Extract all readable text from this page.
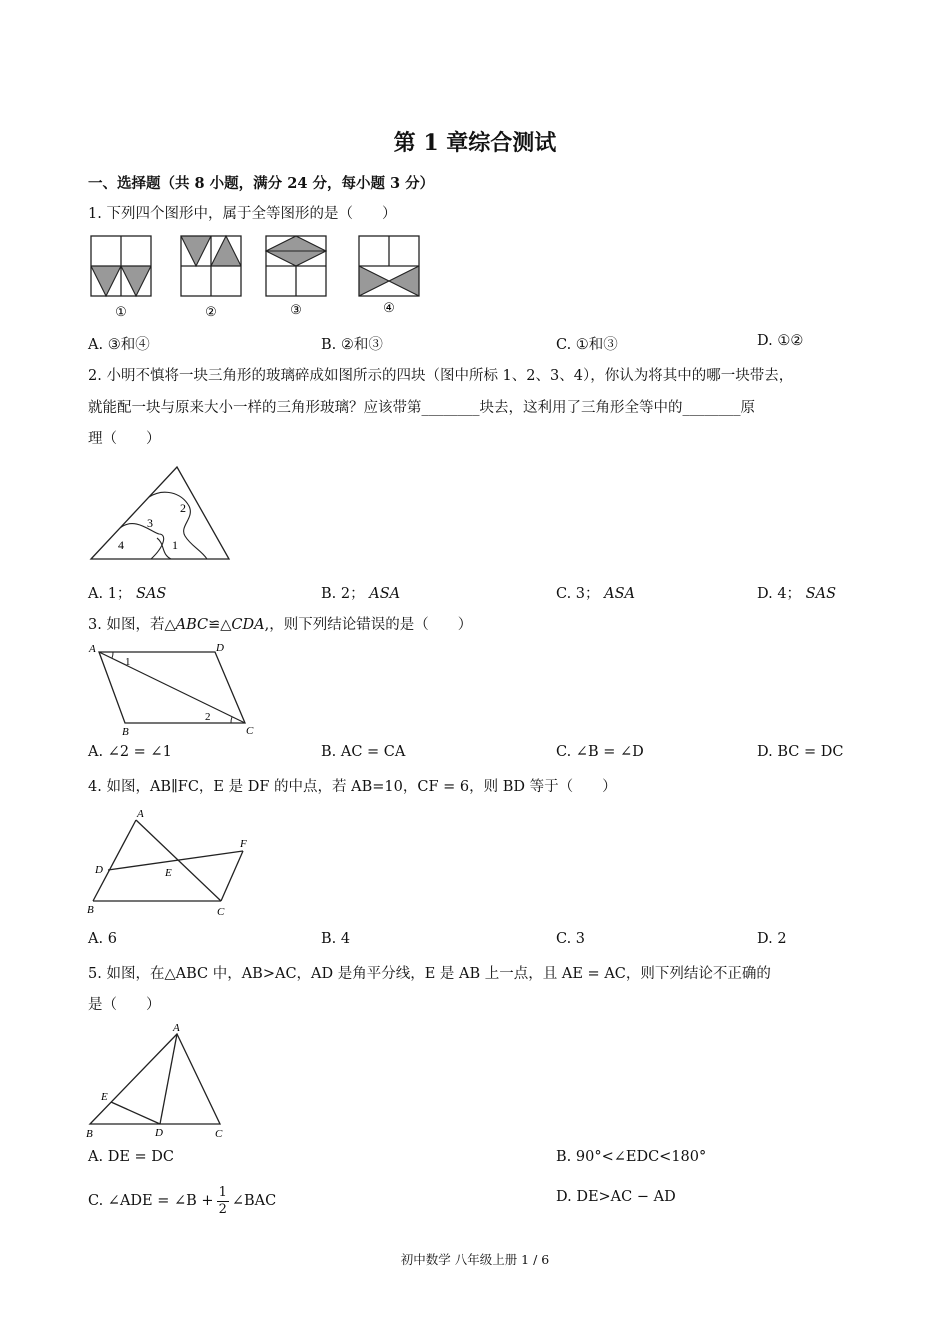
第 1 章综合测试
一、选择题（共 8 小题，满分 24 分，每小题 3 分）
1. 下列四个图形中，属于全等图形的是（　　）
①	②	③	④
A. ③和④	B. ②和③	C. ①和③	D. ①②
2. 小明不慎将一块三角形的玻璃碎成如图所示的四块（图中所标 1、2、3、4），你认为将其中的哪一块带去，
就能配一块与原来大小一样的三角形玻璃？应该带第________块去，这利用了三角形全等中的________原
理（　　）
2
3
4	1
A. 1； SAS	B. 2； ASA	C. 3； ASA	D. 4； SAS
3. 如图，若△ABC≌△CDA,，则下列结论错误的是（　　）
A	D
B	C
1
2
A. ∠2 = ∠1	B. AC = CA	C. ∠B = ∠D	D. BC = DC
4. 如图，AB∥FC，E 是 DF 的中点，若 AB=10，CF = 6，则 BD 等于（　　）
A
F
D	E
B	C
A. 6	B. 4	C. 3	D. 2
5. 如图，在△ABC 中，AB>AC，AD 是角平分线，E 是 AB 上一点，且 AE = AC，则下列结论不正确的
是（　　）
A
E
B	D	C
A. DE = DC	B. 90°<∠EDC<180°
C. ∠ADE = ∠B + $\frac{1}{2}$ ∠BAC	D. DE>AC − AD
初中数学 八年级上册 1 / 6
